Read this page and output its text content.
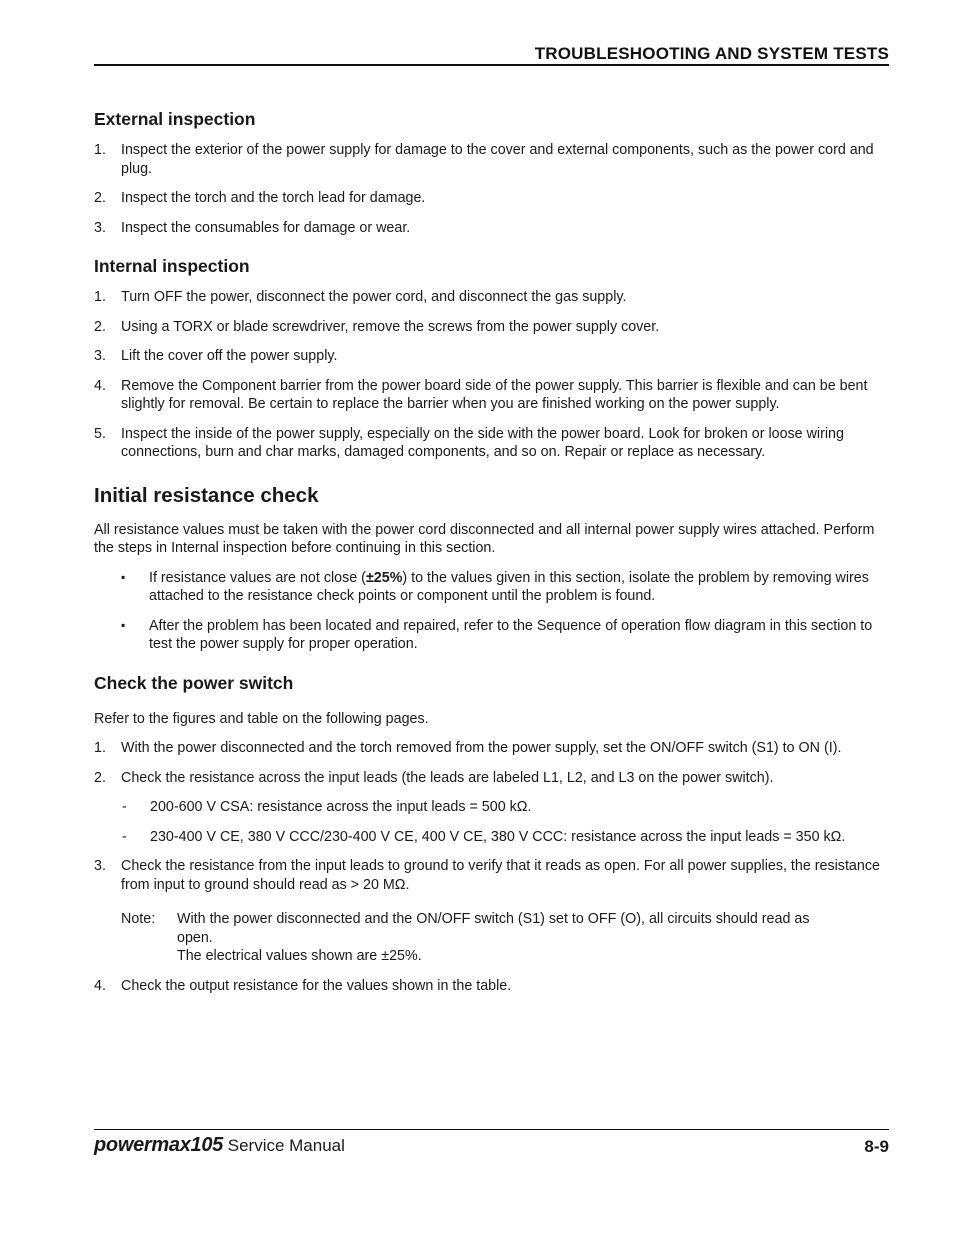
TROUBLESHOOTING AND SYSTEM TESTS
External inspection
1. Inspect the exterior of the power supply for damage to the cover and external components, such as the power cord and plug.
2. Inspect the torch and the torch lead for damage.
3. Inspect the consumables for damage or wear.
Internal inspection
1. Turn OFF the power, disconnect the power cord, and disconnect the gas supply.
2. Using a TORX or blade screwdriver, remove the screws from the power supply cover.
3. Lift the cover off the power supply.
4. Remove the Component barrier from the power board side of the power supply. This barrier is flexible and can be bent slightly for removal. Be certain to replace the barrier when you are finished working on the power supply.
5. Inspect the inside of the power supply, especially on the side with the power board. Look for broken or loose wiring connections, burn and char marks, damaged components, and so on. Repair or replace as necessary.
Initial resistance check

All resistance values must be taken with the power cord disconnected and all internal power supply wires attached. Perform the steps in Internal inspection before continuing in this section.

▪ If resistance values are not close (±25%) to the values given in this section, isolate the problem by removing wires attached to the resistance check points or component until the problem is found.
▪ After the problem has been located and repaired, refer to the Sequence of operation flow diagram in this section to test the power supply for proper operation.
Check the power switch

Refer to the figures and table on the following pages.

1. With the power disconnected and the torch removed from the power supply, set the ON/OFF switch (S1) to ON (I).
2. Check the resistance across the input leads (the leads are labeled L1, L2, and L3 on the power switch).
- 200-600 V CSA: resistance across the input leads = 500 kΩ.
- 230-400 V CE, 380 V CCC/230-400 V CE, 400 V CE, 380 V CCC: resistance across the input leads = 350 kΩ.
3. Check the resistance from the input leads to ground to verify that it reads as open. For all power supplies, the resistance from input to ground should read as > 20 MΩ.
Note: With the power disconnected and the ON/OFF switch (S1) set to OFF (O), all circuits should read as open.
The electrical values shown are ±25%.
4. Check the output resistance for the values shown in the table.
powermax105 Service Manual	8-9
